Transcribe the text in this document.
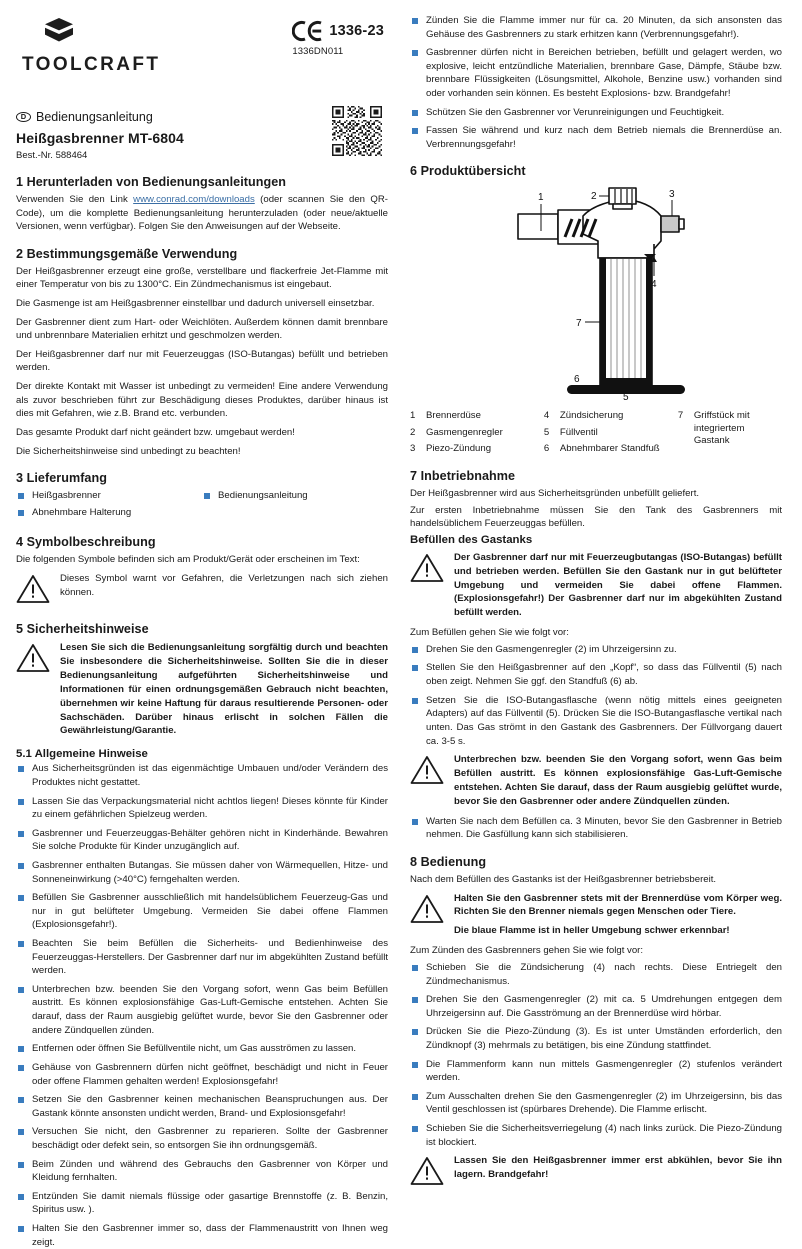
TOOLCRAFT
1336-23
1336DN011
D Bedienungsanleitung
Heißgasbrenner MT-6804
Best.-Nr. 588464
1 Herunterladen von Bedienungsanleitungen

Verwenden Sie den Link www.conrad.com/downloads (oder scannen Sie den QR-Code), um die komplette Bedienungsanleitung herunterzuladen (oder neue/aktuelle Versionen, wenn verfügbar). Folgen Sie den Anweisungen auf der Webseite.

2 Bestimmungsgemäße Verwendung

Der Heißgasbrenner erzeugt eine große, verstellbare und flackerfreie Jet-Flamme mit einer Temperatur von bis zu 1300°C. Ein Zündmechanismus ist eingebaut.

Die Gasmenge ist am Heißgasbrenner einstellbar und dadurch universell einsetzbar.

Der Gasbrenner dient zum Hart- oder Weichlöten. Außerdem können damit brennbare und unbrennbare Materialien erhitzt und geschmolzen werden.

Der Heißgasbrenner darf nur mit Feuerzeuggas (ISO-Butangas) befüllt und betrieben werden.

Der direkte Kontakt mit Wasser ist unbedingt zu vermeiden! Eine andere Verwendung als zuvor beschrieben führt zur Beschädigung dieses Produktes, darüber hinaus ist dies mit Gefahren, wie z.B. Brand etc. verbunden.

Das gesamte Produkt darf nicht geändert bzw. umgebaut werden!

Die Sicherheitshinweise sind unbedingt zu beachten!

3 Lieferumfang
Heißgasbrenner	Bedienungsanleitung
Abnehmbare Halterung
4 Symbolbeschreibung

Die folgenden Symbole befinden sich am Produkt/Gerät oder erscheinen im Text:

Dieses Symbol warnt vor Gefahren, die Verletzungen nach sich ziehen können.
5 Sicherheitshinweise
Lesen Sie sich die Bedienungsanleitung sorgfältig durch und beachten Sie insbesondere die Sicherheitshinweise. Sollten Sie die in dieser Bedienungsanleitung aufgeführten Sicherheitshinweise und Informationen für einen ordnungsgemäßen Gebrauch nicht beachten, übernehmen wir keine Haftung für daraus resultierende Personen- oder Sachschäden. Darüber hinaus erlischt in solchen Fällen die Gewährleistung/Garantie.
5.1 Allgemeine Hinweise
Aus Sicherheitsgründen ist das eigenmächtige Umbauen und/oder Verändern des Produktes nicht gestattet.
Lassen Sie das Verpackungsmaterial nicht achtlos liegen! Dieses könnte für Kinder zu einem gefährlichen Spielzeug werden.
Gasbrenner und Feuerzeuggas-Behälter gehören nicht in Kinderhände. Bewahren Sie solche Produkte für Kinder unzugänglich auf.
Gasbrenner enthalten Butangas. Sie müssen daher von Wärmequellen, Hitze- und Sonneneinwirkung (>40°C) ferngehalten werden.
Befüllen Sie Gasbrenner ausschließlich mit handelsüblichem Feuerzeug-Gas und nur in gut belüfteter Umgebung. Vermeiden Sie dabei offene Flammen (Explosionsgefahr!).
Beachten Sie beim Befüllen die Sicherheits- und Bedienhinweise des Feuerzeuggas-Herstellers. Der Gasbrenner darf nur im abgekühlten Zustand befüllt werden.
Unterbrechen bzw. beenden Sie den Vorgang sofort, wenn Gas beim Befüllen austritt. Es können explosionsfähige Gas-Luft-Gemische entstehen. Achten Sie darauf, dass der Raum ausgiebig gelüftet wurde, bevor Sie den Gasbrenner oder andere Zündquellen zünden.
Entfernen oder öffnen Sie Befüllventile nicht, um Gas ausströmen zu lassen.
Gehäuse von Gasbrennern dürfen nicht geöffnet, beschädigt und nicht in Feuer oder offene Flammen gehalten werden! Explosionsgefahr!
Setzen Sie den Gasbrenner keinen mechanischen Beanspruchungen aus. Der Gastank könnte ansonsten undicht werden, Brand- und Explosionsgefahr!
Versuchen Sie nicht, den Gasbrenner zu reparieren. Sollte der Gasbrenner beschädigt oder defekt sein, so entsorgen Sie ihn ordnungsgemäß.
Beim Zünden und während des Gebrauchs den Gasbrenner von Körper und Kleidung fernhalten.
Entzünden Sie damit niemals flüssige oder gasartige Brennstoffe (z. B. Benzin, Spiritus usw. ).
Halten Sie den Gasbrenner immer so, dass der Flammenaustritt von Ihnen weg zeigt.
Zünden Sie die Flamme immer nur für ca. 20 Minuten, da sich ansonsten das Gehäuse des Gasbrenners zu stark erhitzen kann (Verbrennungsgefahr!).
Gasbrenner dürfen nicht in Bereichen betrieben, befüllt und gelagert werden, wo explosive, leicht entzündliche Materialien, brennbare Gase, Dämpfe, Stäube bzw. brennbare Flüssigkeiten (Lösungsmittel, Alkohole, Benzine usw.) vorhanden sind oder vorhanden sein können. Es besteht Explosions- bzw. Brandgefahr!
Schützen Sie den Gasbrenner vor Verunreinigungen und Feuchtigkeit.
Fassen Sie während und kurz nach dem Betrieb niemals die Brennerdüse an. Verbrennungsgefahr!
6 Produktübersicht
1	2	3
4
5
6
7
1 Brennerdüse
2 Gasmengenregler
3 Piezo-Zündung
4 Zündsicherung
5 Füllventil
6 Abnehmbarer Standfuß
7 Griffstück mit integriertem Gastank
7 Inbetriebnahme

Der Heißgasbrenner wird aus Sicherheitsgründen unbefüllt geliefert.

Zur ersten Inbetriebnahme müssen Sie den Tank des Gasbrenners mit handelsüblichem Feuerzeuggas befüllen.

Befüllen des Gastanks
Der Gasbrenner darf nur mit Feuerzeugbutangas (ISO-Butangas) befüllt und betrieben werden. Befüllen Sie den Gastank nur in gut belüfteter Umgebung und vermeiden Sie dabei offene Flammen. (Explosionsgefahr!) Der Gasbrenner darf nur im abgekühlten Zustand befüllt werden.

Zum Befüllen gehen Sie wie folgt vor:

Drehen Sie den Gasmengenregler (2) im Uhrzeigersinn zu.
Stellen Sie den Heißgasbrenner auf den „Kopf“, so dass das Füllventil (5) nach oben zeigt. Nehmen Sie ggf. den Standfuß (6) ab.
Setzen Sie die ISO-Butangasflasche (wenn nötig mittels eines geeigneten Adapters) auf das Füllventil (5). Drücken Sie die ISO-Butangasflasche vertikal nach unten. Das Gas strömt in den Gastank des Gasbrenners. Der Füllvorgang dauert ca. 3-5 s.
Unterbrechen bzw. beenden Sie den Vorgang sofort, wenn Gas beim Befüllen austritt. Es können explosionsfähige Gas-Luft-Gemische entstehen. Achten Sie darauf, dass der Raum ausgiebig gelüftet wurde, bevor Sie den Gasbrenner oder andere Zündquellen zünden.
Warten Sie nach dem Befüllen ca. 3 Minuten, bevor Sie den Gasbrenner in Betrieb nehmen. Die Gasfüllung kann sich stabilisieren.
8 Bedienung

Nach dem Befüllen des Gastanks ist der Heißgasbrenner betriebsbereit.

Halten Sie den Gasbrenner stets mit der Brennerdüse vom Körper weg. Richten Sie den Brenner niemals gegen Menschen oder Tiere.
Die blaue Flamme ist in heller Umgebung schwer erkennbar!

Zum Zünden des Gasbrenners gehen Sie wie folgt vor:

Schieben Sie die Zündsicherung (4) nach rechts. Diese Entriegelt den Zündmechanismus.
Drehen Sie den Gasmengenregler (2) mit ca. 5 Umdrehungen entgegen dem Uhrzeigersinn auf. Die Gasströmung an der Brennerdüse wird hörbar.
Drücken Sie die Piezo-Zündung (3). Es ist unter Umständen erforderlich, den Zündknopf (3) mehrmals zu betätigen, bis eine Zündung stattfindet.
Die Flammenform kann nun mittels Gasmengenregler (2) stufenlos verändert werden.
Zum Ausschalten drehen Sie den Gasmengenregler (2) im Uhrzeigersinn, bis das Ventil geschlossen ist (spürbares Drehende). Die Flamme erlischt.
Schieben Sie die Sicherheitsverriegelung (4) nach links zurück. Die Piezo-Zündung ist blockiert.
Lassen Sie den Heißgasbrenner immer erst abkühlen, bevor Sie ihn lagern. Brandgefahr!
